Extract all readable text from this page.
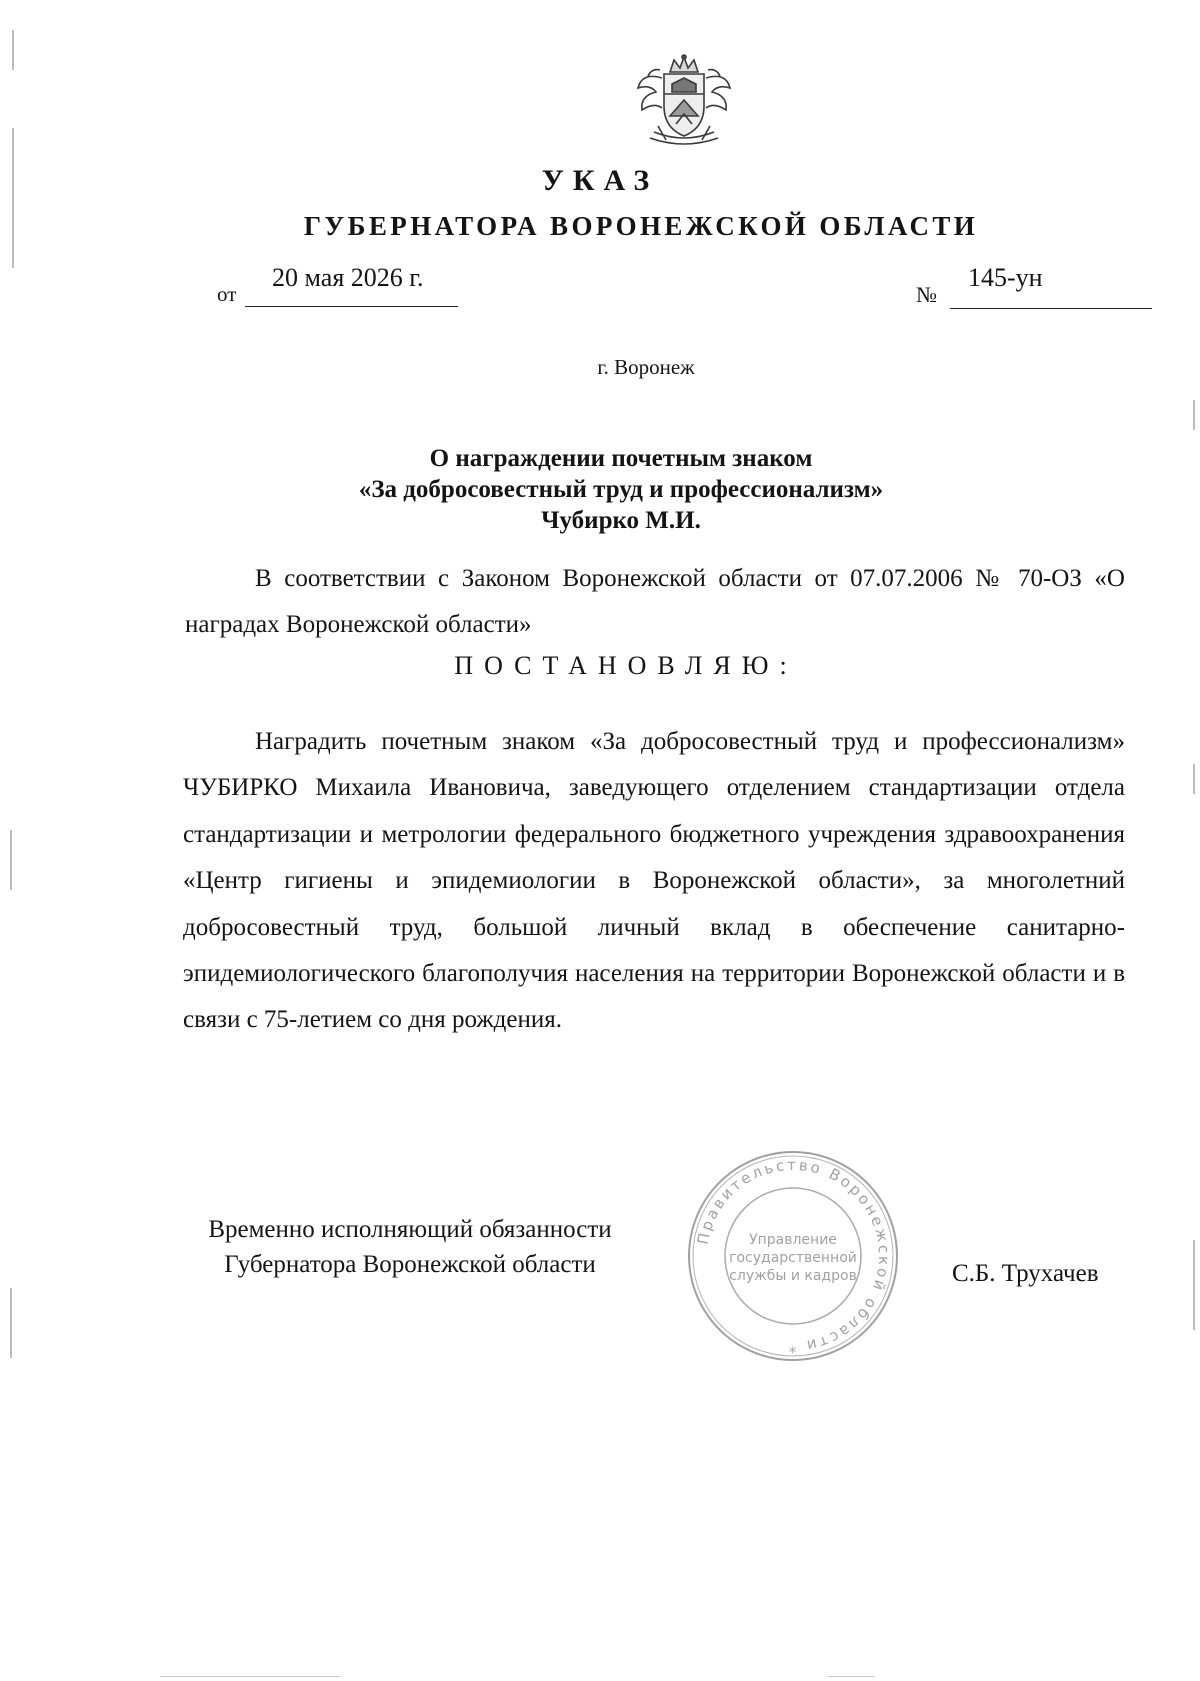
УКАЗ
ГУБЕРНАТОРА ВОРОНЕЖСКОЙ ОБЛАСТИ
от
20 мая 2026 г.
№
145-ун
г. Воронеж
О награждении почетным знаком
«За добросовестный труд и профессионализм»
Чубирко М.И.
В соответствии с Законом Воронежской области от 07.07.2006 № 70-ОЗ «О наградах Воронежской области»
ПОСТАНОВЛЯЮ:
Наградить почетным знаком «За добросовестный труд и профессионализм» ЧУБИРКО Михаила Ивановича, заведующего отделением стандартизации отдела стандартизации и метрологии федерального бюджетного учреждения здравоохранения «Центр гигиены и эпидемиологии в Воронежской области», за многолетний добросовестный труд, большой личный вклад в обеспечение санитарно-эпидемиологического благополучия населения на территории Воронежской области и в связи с 75-летием со дня рождения.
Временно исполняющий обязанности
Губернатора Воронежской области
Правительство Воронежской области *
Управление
государственной
службы и кадров	С.Б. Трухачев
